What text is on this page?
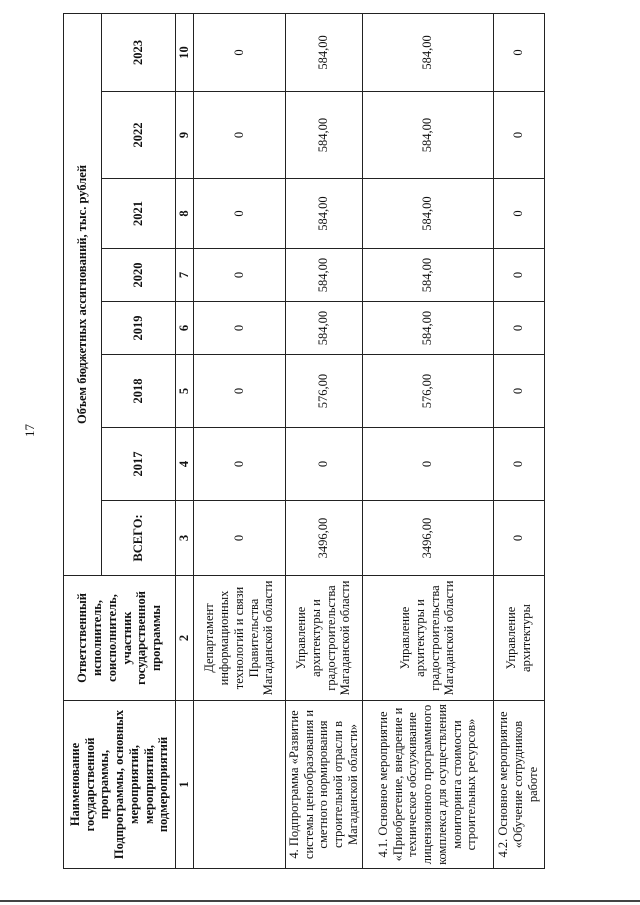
17
Наименование государственной программы, Подпрограммы, основных мероприятий, мероприятий, подмероприятий	Ответственный исполнитель, соисполнитель, участник государственной программы	Объем бюджетных ассигнований, тыс. рублей							
		ВСЕГО:	2017	2018	2019	2020	2021	2022	2023
1	2	3	4	5	6	7	8	9	10
	Департамент информационных технологий и связи Правительства Магаданской области	0	0	0	0	0	0	0	0
4. Подпрограмма «Развитие системы ценообразования и сметного нормирования строительной отрасли в Магаданской области»	Управление архитектуры и градостроительства Магаданской области	3496,00	0	576,00	584,00	584,00	584,00	584,00	584,00
4.1. Основное мероприятие «Приобретение, внедрение и техническое обслуживание лицензионного программного комплекса для осуществления мониторинга стоимости строительных ресурсов»	Управление архитектуры и градостроительства Магаданской области	3496,00	0	576,00	584,00	584,00	584,00	584,00	584,00
4.2. Основное мероприятие «Обучение сотрудников работе	Управление архитектуры	0	0	0	0	0	0	0	0
